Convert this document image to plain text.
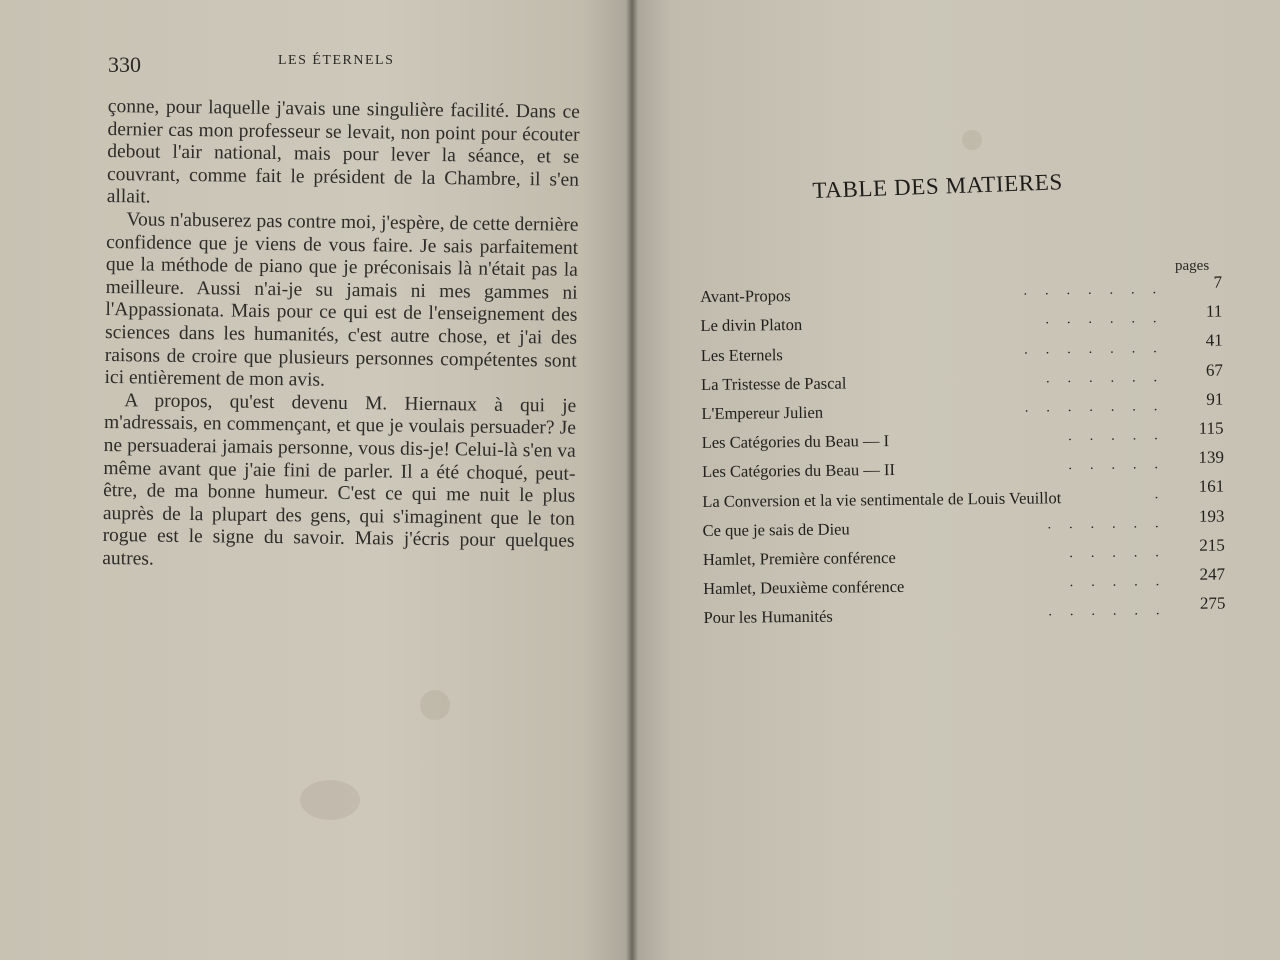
330	LES ÉTERNELS

çonne, pour laquelle j'avais une singulière facilité. Dans ce dernier cas mon professeur se levait, non point pour écouter debout l'air national, mais pour lever la séance, et se couvrant, comme fait le président de la Chambre, il s'en allait.

Vous n'abuserez pas contre moi, j'espère, de cette dernière confidence que je viens de vous faire. Je sais parfaitement que la méthode de piano que je préconisais là n'était pas la meilleure. Aussi n'ai-je su jamais ni mes gammes ni l'Appassionata. Mais pour ce qui est de l'enseignement des sciences dans les humanités, c'est autre chose, et j'ai des raisons de croire que plusieurs personnes compétentes sont ici entièrement de mon avis.

A propos, qu'est devenu M. Hiernaux à qui je m'adressais, en commençant, et que je voulais persuader? Je ne persuaderai jamais personne, vous dis-je! Celui-là s'en va même avant que j'aie fini de parler. Il a été choqué, peut-être, de ma bonne humeur. C'est ce qui me nuit le plus auprès de la plupart des gens, qui s'imaginent que le ton rogue est le signe du savoir. Mais j'écris pour quelques autres.

TABLE DES MATIERES
pages
Avant-Propos	....... 7
Le divin Platon	...... 11
Les Eternels	....... 41
La Tristesse de Pascal	...... 67
L'Empereur Julien	....... 91
Les Catégories du Beau — I	..... 115
Les Catégories du Beau — II	..... 139
La Conversion et la vie sentimentale de Louis Veuillot	. 161
Ce que je sais de Dieu	...... 193
Hamlet, Première conférence	..... 215
Hamlet, Deuxième conférence	..... 247
Pour les Humanités	...... 275
